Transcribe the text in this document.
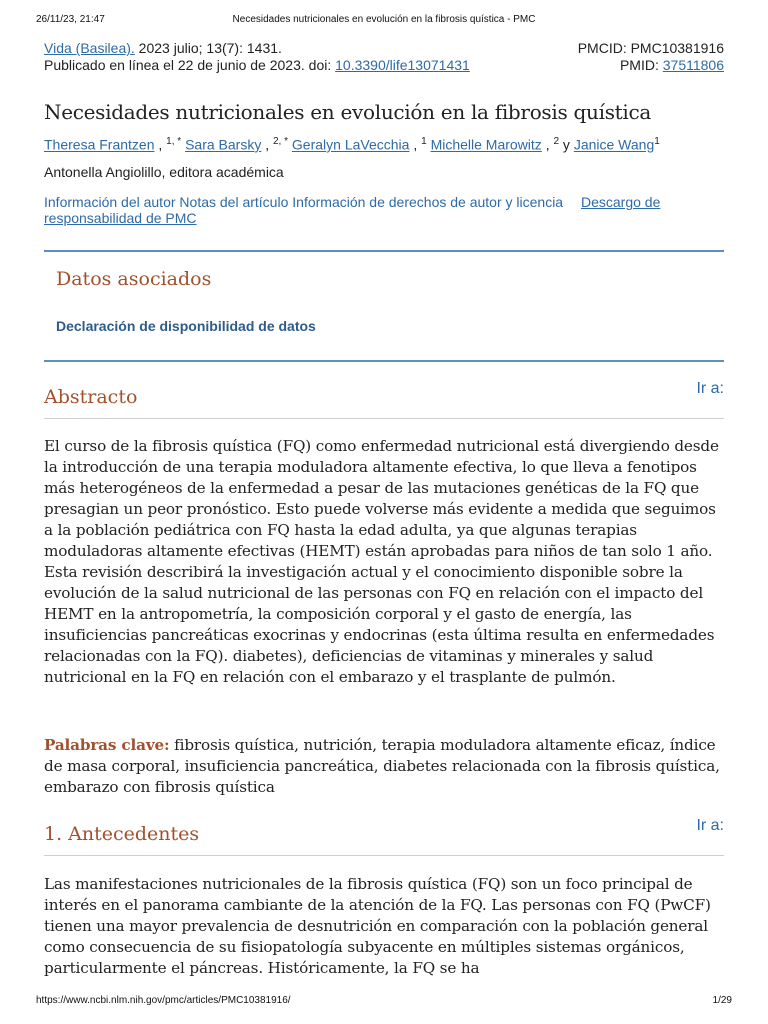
26/11/23, 21:47	Necesidades nutricionales en evolución en la fibrosis quística - PMC
Vida (Basilea). 2023 julio; 13(7): 1431.	PMCID: PMC10381916
Publicado en línea el 22 de junio de 2023. doi: 10.3390/life13071431	PMID: 37511806
Necesidades nutricionales en evolución en la fibrosis quística
Theresa Frantzen , $^{1, *}$ Sara Barsky , $^{2, *}$ Geralyn LaVecchia , $^1$ Michelle Marowitz , $^2$ y Janice Wang$^1$
Antonella Angiolillo, editora académica
Información del autor Notas del artículo Información de derechos de autor y licencia Descargo de responsabilidad de PMC
Datos asociados
Declaración de disponibilidad de datos
Abstracto	Ir a:

El curso de la fibrosis quística (FQ) como enfermedad nutricional está divergiendo desde la introducción de una terapia moduladora altamente efectiva, lo que lleva a fenotipos más heterogéneos de la enfermedad a pesar de las mutaciones genéticas de la FQ que presagian un peor pronóstico. Esto puede volverse más evidente a medida que seguimos a la población pediátrica con FQ hasta la edad adulta, ya que algunas terapias moduladoras altamente efectivas (HEMT) están aprobadas para niños de tan solo 1 año. Esta revisión describirá la investigación actual y el conocimiento disponible sobre la evolución de la salud nutricional de las personas con FQ en relación con el impacto del HEMT en la antropometría, la composición corporal y el gasto de energía, las insuficiencias pancreáticas exocrinas y endocrinas (esta última resulta en enfermedades relacionadas con la FQ). diabetes), deficiencias de vitaminas y minerales y salud nutricional en la FQ en relación con el embarazo y el trasplante de pulmón.

Palabras clave: fibrosis quística, nutrición, terapia moduladora altamente eficaz, índice de masa corporal, insuficiencia pancreática, diabetes relacionada con la fibrosis quística, embarazo con fibrosis quística

1. Antecedentes	Ir a:

Las manifestaciones nutricionales de la fibrosis quística (FQ) son un foco principal de interés en el panorama cambiante de la atención de la FQ. Las personas con FQ (PwCF) tienen una mayor prevalencia de desnutrición en comparación con la población general como consecuencia de su fisiopatología subyacente en múltiples sistemas orgánicos, particularmente el páncreas. Históricamente, la FQ se ha

https://www.ncbi.nlm.nih.gov/pmc/articles/PMC10381916/	1/29
